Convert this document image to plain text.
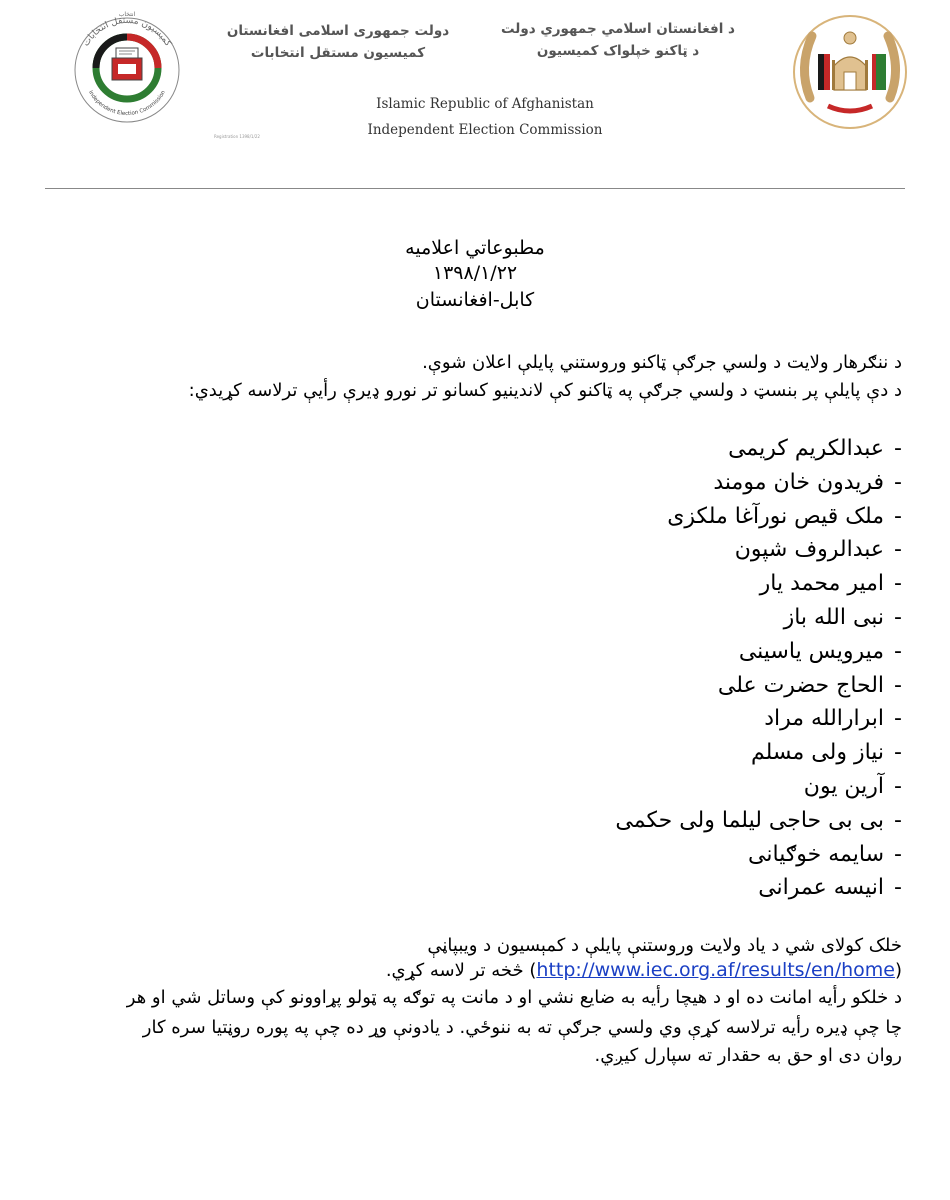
کمیسیون مستقل انتخابات
Independent Election Commission
انتخاب
دولت جمهوری اسلامی افغانستان
کمیسیون مستقل انتخابات
د افغانستان اسلامي جمهوري دولت
د ټاکنو خپلواک کميسيون
Islamic Republic of Afghanistan
Independent Election Commission
Registration 1398/1/22
مطبوعاتي اعلاميه
۱۳۹۸/۱/۲۲
کابل-افغانستان
د ننګرهار ولايت د ولسي جرګې ټاکنو وروستني پايلې اعلان شوې.
د دې پايلې پر بنسټ د ولسي جرګې په ټاکنو کې لاندينيو کسانو تر نورو ډيرې رأيې ترلاسه کړيدي:
-عبدالکریم کریمی
-فریدون خان مومند
-ملک قیص نورآغا ملکزی
-عبدالروف شپون
-امیر محمد یار
-نبی الله باز
-میرویس یاسینی
-الحاج حضرت علی
-ابرارالله مراد
-نیاز ولی مسلم
-آرین یون
-بی بی حاجی لیلما ولی حکمی
-سایمه خوګیانی
-انیسه عمرانی
خلک کولای شي د ياد ولايت وروستنې پايلې د کمېسيون د ويبپاڼې
(http://www.iec.org.af/results/en/home) څخه تر لاسه کړي.
د خلکو رأيه امانت ده او د هيچا رأيه به ضايع نشي او د مانت په توګه په ټولو پړاوونو کې وساتل شي او هر
چا چې ډيره رأيه ترلاسه کړې وي ولسي جرګې ته به ننوځي. د يادونې وړ ده چې په پوره روڼتيا سره کار
روان دی او حق به حقدار ته سپارل کيږي.
